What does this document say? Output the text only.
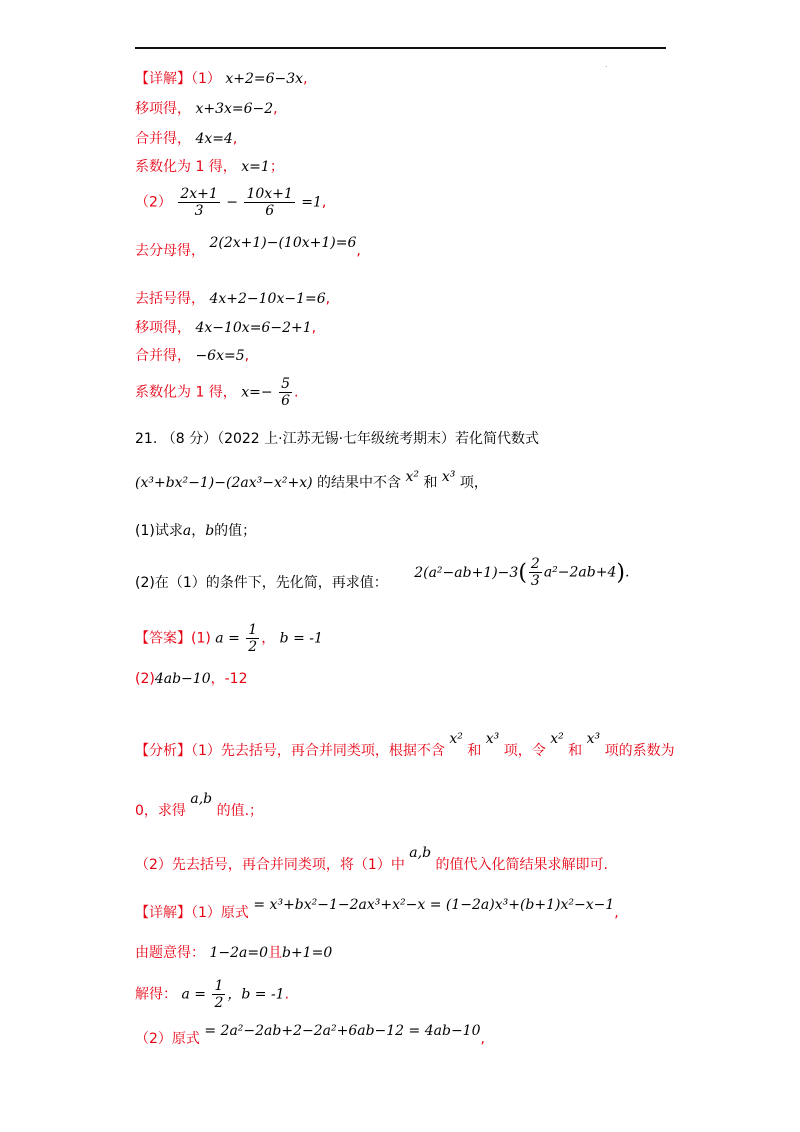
.
【详解】（1） x+2=6−3x,
移项得， x+3x=6−2,
合并得， 4x=4,
系数化为 1 得， x=1；
$(2) \frac{2x+1}{3} - \frac{10x+1}{6} =1$,
去分母得， 2(2x+1)−(10x+1)=6,
去括号得， 4x+2−10x−1=6,
移项得， 4x−10x=6−2+1,
合并得， −6x=5,
系数化为 1 得， $x=- \frac{5}{6}$ .
21. （8 分）（2022 上·江苏无锡·七年级统考期末）若化简代数式
(x³+bx²−1)−(2ax³−x²+x) 的结果中不含 x² 和 x³ 项，
(1)试求a，b的值；
(2)在（1）的条件下，先化简，再求值： $2(a^2-ab+1)-3( \frac{2}{3} a^2-2ab+4)$.
【答案】(1) $a = \frac{1}{2}$ ， b = -1
(2)4ab−10，-12
【分析】（1）先去括号，再合并同类项，根据不含 x² 和 x³ 项，令 x² 和 x³ 项的系数为
0，求得 a,b 的值.；
（2）先去括号，再合并同类项，将（1）中 a,b 的值代入化简结果求解即可.
【详解】（1）原式 = x³+bx²−1−2ax³+x²−x = (1−2a)x³+(b+1)x²−x−1,
由题意得： 1−2a=0且b+1=0
解得： $a = \frac{1}{2}$ ，b = -1.
（2）原式 = 2a²−2ab+2−2a²+6ab−12 = 4ab−10,
